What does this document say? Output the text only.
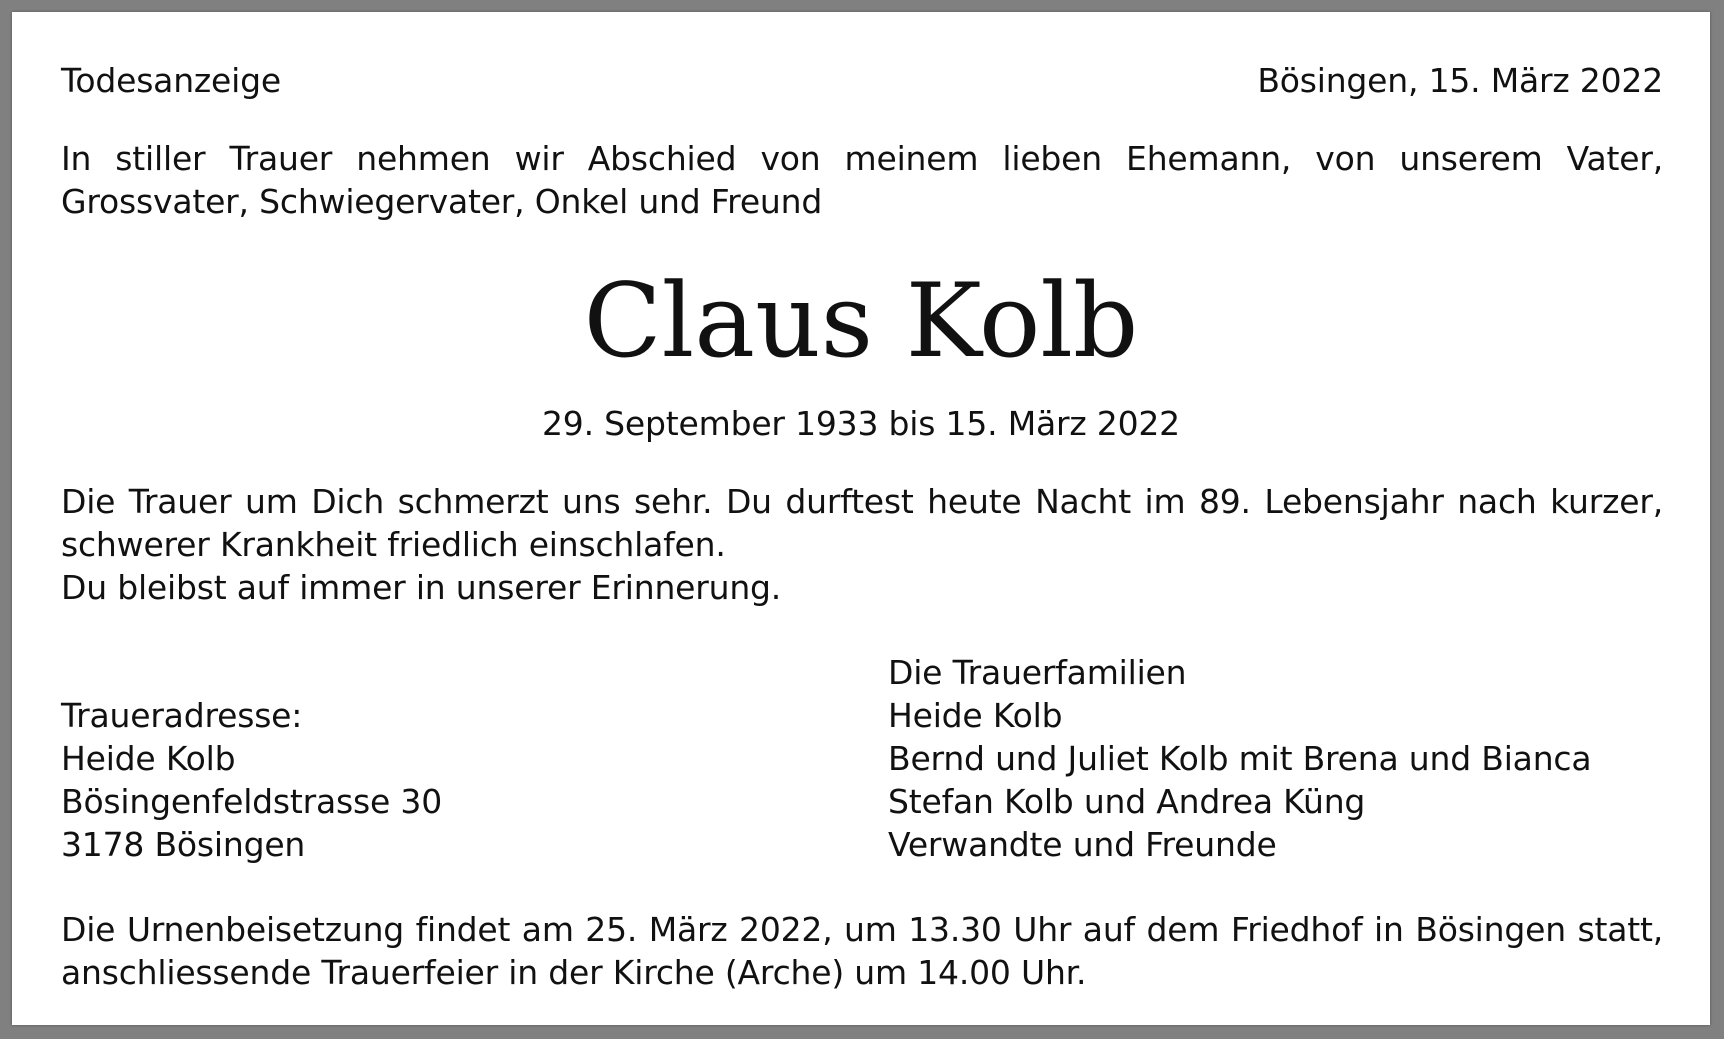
Todesanzeige	Bösingen, 15. März 2022
In stiller Trauer nehmen wir Abschied von meinem lieben Ehemann, von unserem Vater, Grossvater, Schwiegervater, Onkel und Freund
Claus Kolb
29. September 1933 bis 15. März 2022
Die Trauer um Dich schmerzt uns sehr. Du durftest heute Nacht im 89. Lebensjahr nach kurzer, schwerer Krankheit friedlich einschlafen.
Du bleibst auf immer in unserer Erinnerung.
Traueradresse:
Heide Kolb
Bösingenfeldstrasse 30
3178 Bösingen
Die Trauerfamilien
Heide Kolb
Bernd und Juliet Kolb mit Brena und Bianca
Stefan Kolb und Andrea Küng
Verwandte und Freunde
Die Urnenbeisetzung findet am 25. März 2022, um 13.30 Uhr auf dem Friedhof in Bösingen statt, anschliessende Trauerfeier in der Kirche (Arche) um 14.00 Uhr.
